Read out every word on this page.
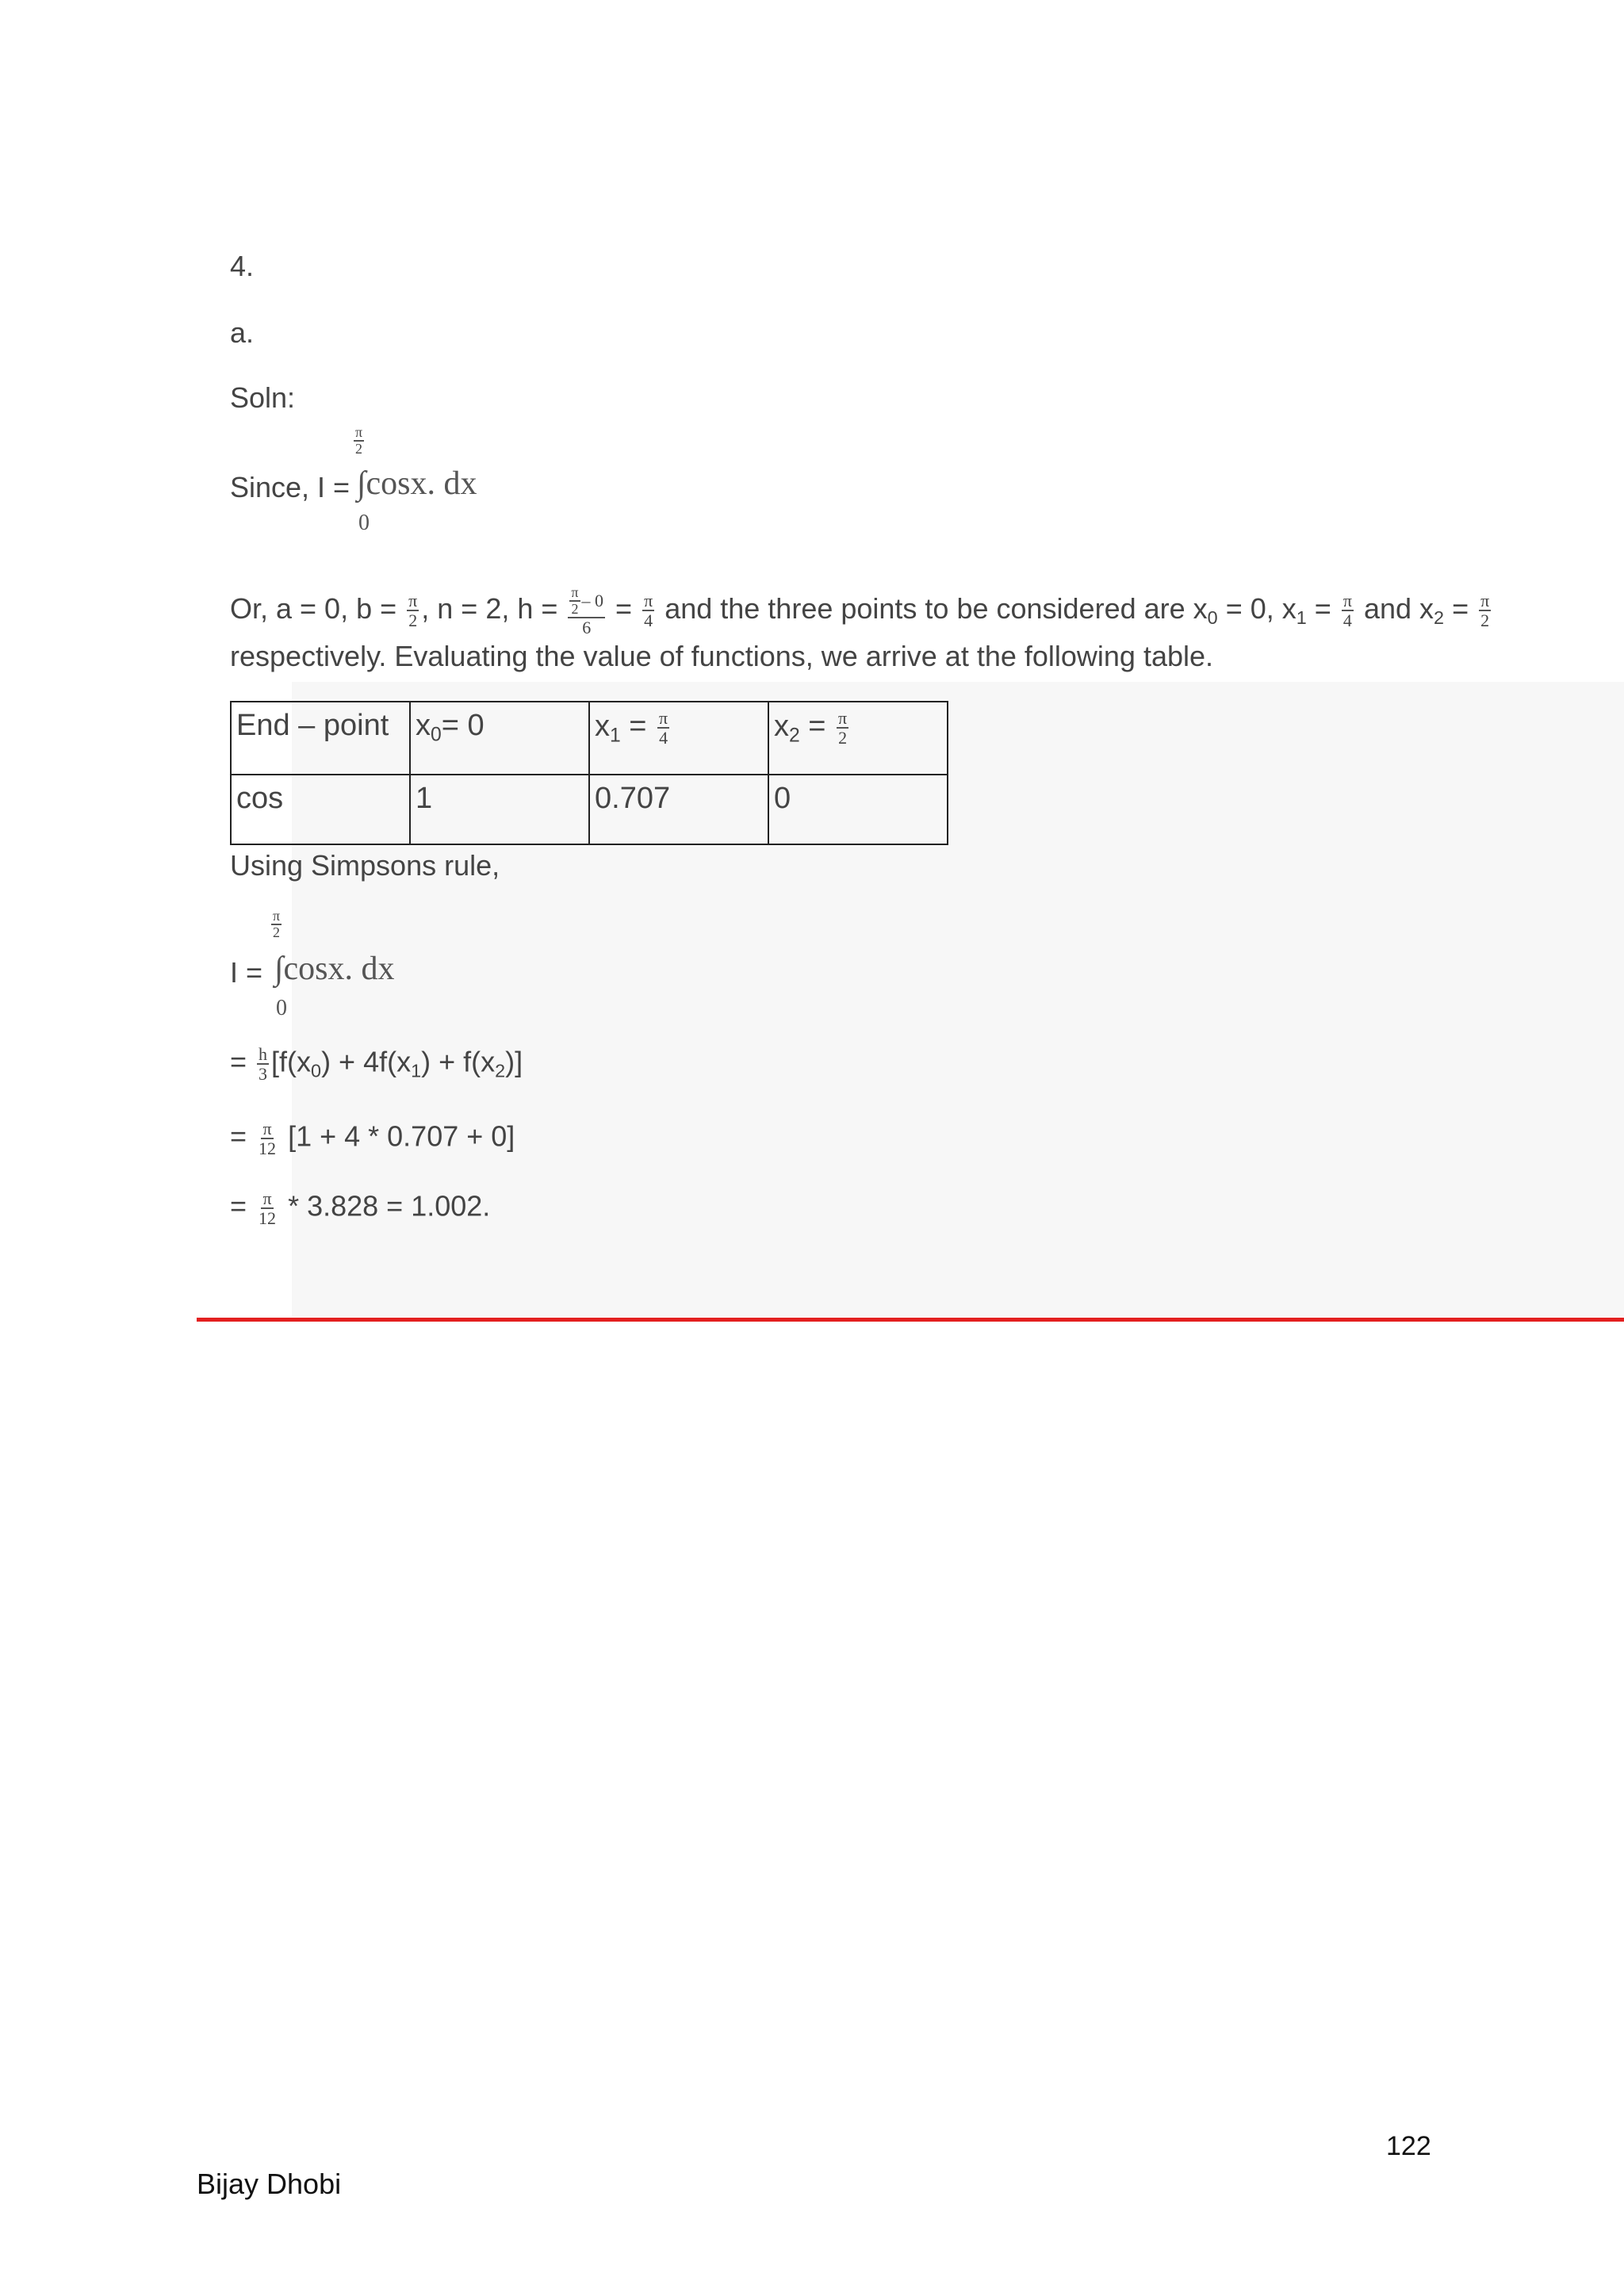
4.
a.
Soln:
Since, I =
$\frac{\pi}{2}$
∫cosx. dx
0
Or, a = 0, $b = \frac{\pi}{2}$ , n = 2, $h = \frac{\frac{\pi}{2} - 0}{6} = \frac{\pi}{4}$ and the three points to be considered are $x_0 = 0$, $x_1 = \frac{\pi}{4}$ and $x_2 = \frac{\pi}{2}$
respectively. Evaluating the value of functions, we arrive at the following table.
End – point	$x_0= 0$	$x_1 = \frac{\pi}{4}$	$x_2 = \frac{\pi}{2}$

cos	1	0.707	0
Using Simpsons rule,
I =
$\frac{\pi}{2}$
∫cosx. dx
0
= $\frac{h}{3} [f(x_0) + 4f(x_1) + f(x_2)]$
= $\frac{\pi}{12} [1 + 4 * 0.707 + 0]$
= $\frac{\pi}{12} * 3.828 = 1.002$.
122
Bijay Dhobi
